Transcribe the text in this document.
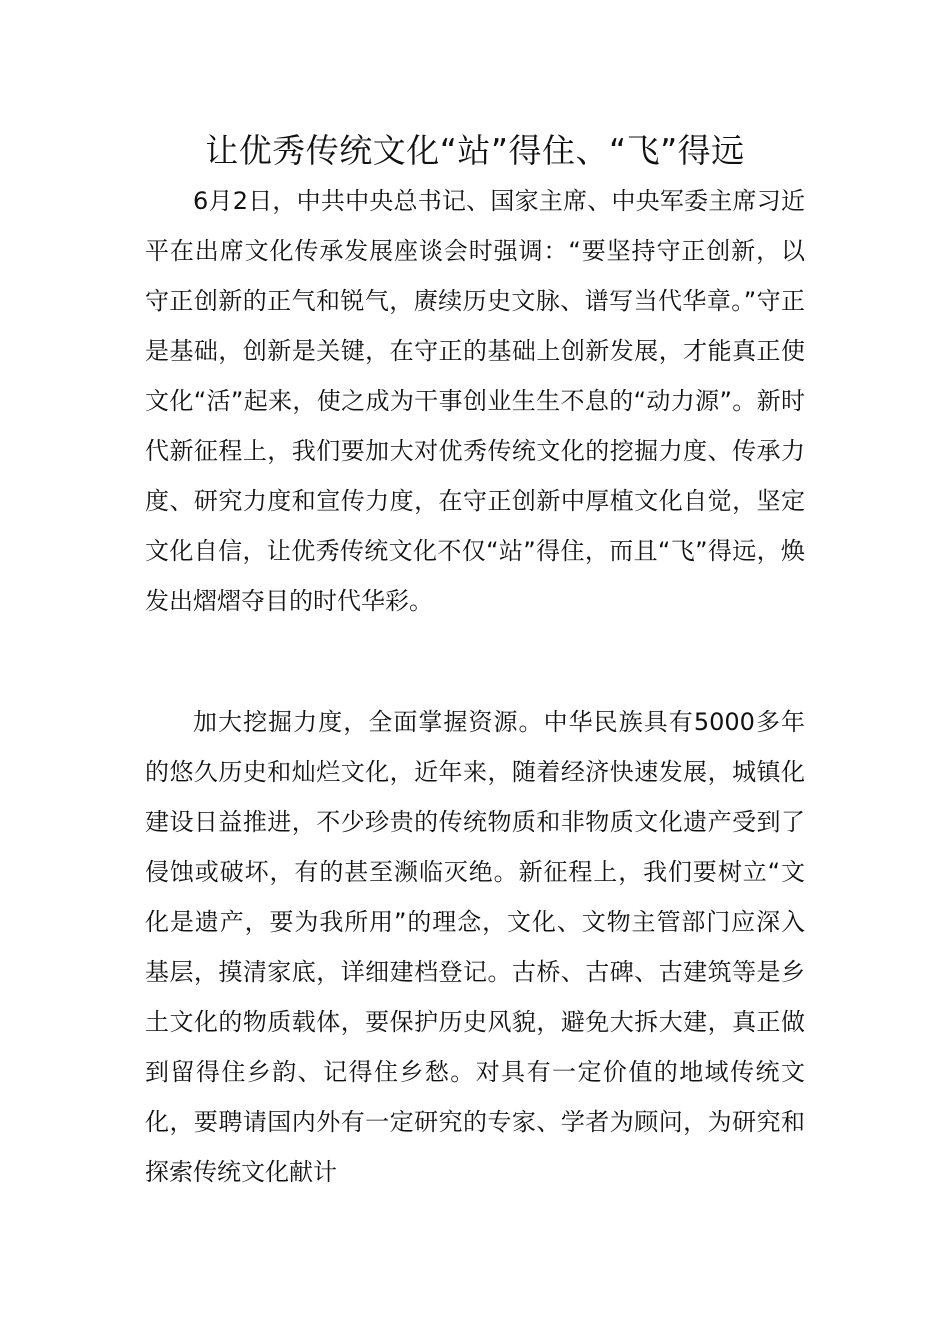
让优秀传统文化“站”得住、“飞”得远

6月2日，中共中央总书记、国家主席、中央军委主席习近平在出席文化传承发展座谈会时强调：“要坚持守正创新，以守正创新的正气和锐气，赓续历史文脉、谱写当代华章。”守正是基础，创新是关键，在守正的基础上创新发展，才能真正使文化“活”起来，使之成为干事创业生生不息的“动力源”。新时代新征程上，我们要加大对优秀传统文化的挖掘力度、传承力度、研究力度和宣传力度，在守正创新中厚植文化自觉，坚定文化自信，让优秀传统文化不仅“站”得住，而且“飞”得远，焕发出熠熠夺目的时代华彩。

加大挖掘力度，全面掌握资源。中华民族具有5000多年的悠久历史和灿烂文化，近年来，随着经济快速发展，城镇化建设日益推进，不少珍贵的传统物质和非物质文化遗产受到了侵蚀或破坏，有的甚至濒临灭绝。新征程上，我们要树立“文化是遗产，要为我所用”的理念，文化、文物主管部门应深入基层，摸清家底，详细建档登记。古桥、古碑、古建筑等是乡土文化的物质载体，要保护历史风貌，避免大拆大建，真正做到留得住乡韵、记得住乡愁。对具有一定价值的地域传统文化，要聘请国内外有一定研究的专家、学者为顾问，为研究和探索传统文化献计
